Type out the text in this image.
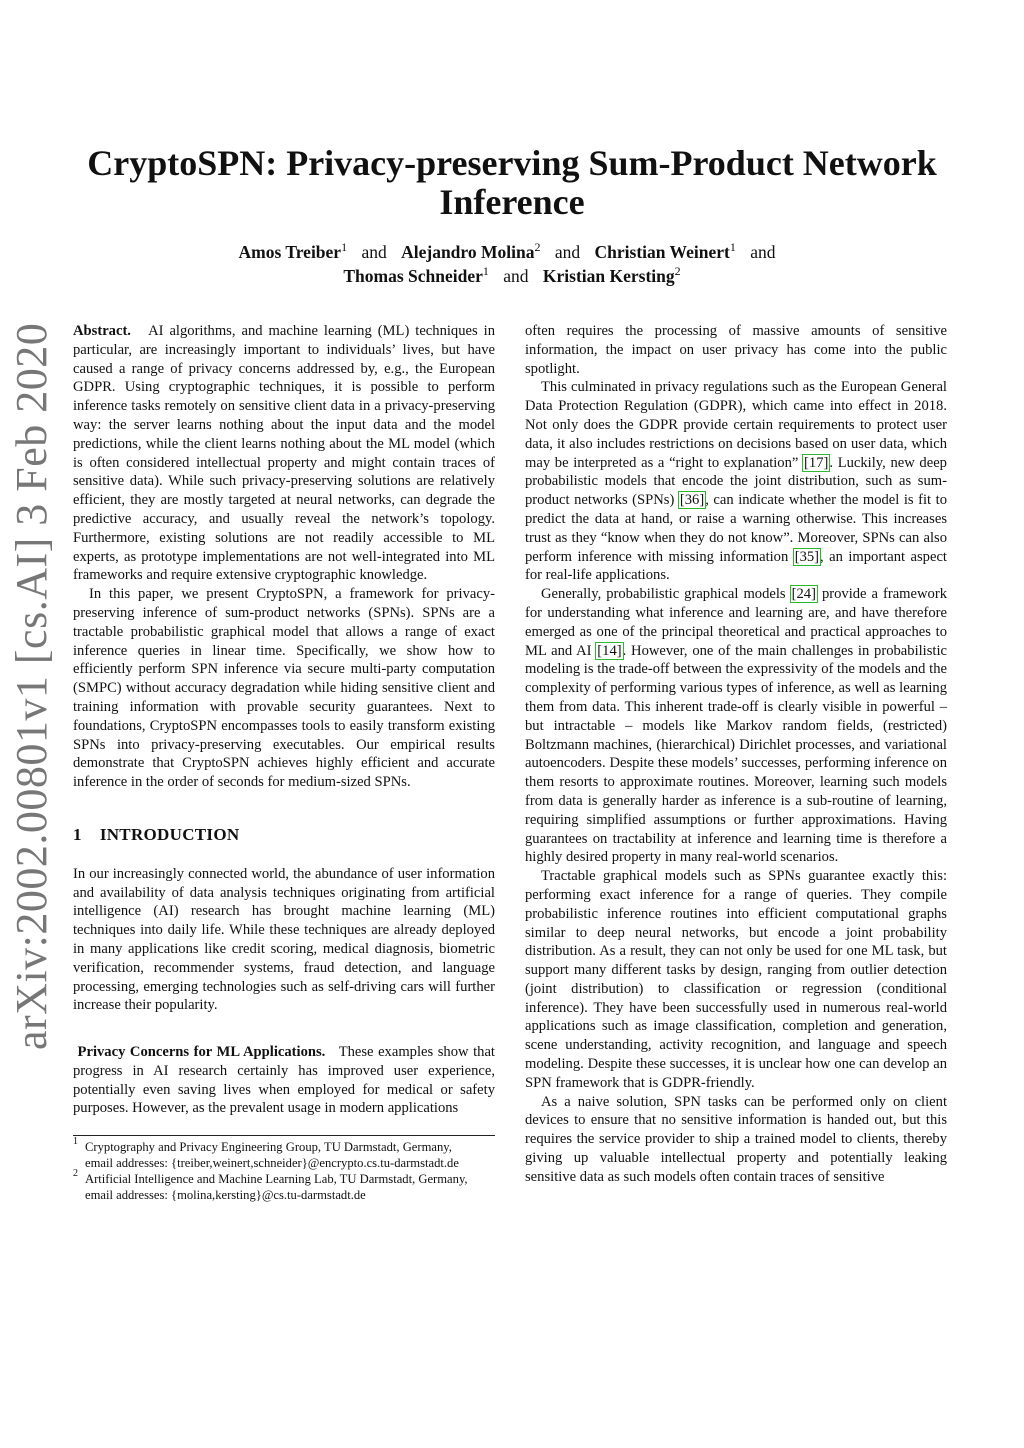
arXiv:2002.00801v1 [cs.AI] 3 Feb 2020
CryptoSPN: Privacy-preserving Sum-Product Network Inference
Amos Treiber$^1$ and Alejandro Molina$^2$ and Christian Weinert$^1$ and
Thomas Schneider$^1$ and Kristian Kersting$^2$

Abstract. AI algorithms, and machine learning (ML) techniques in particular, are increasingly important to individuals’ lives, but have caused a range of privacy concerns addressed by, e.g., the European GDPR. Using cryptographic techniques, it is possible to perform inference tasks remotely on sensitive client data in a privacy-preserving way: the server learns nothing about the input data and the model predictions, while the client learns nothing about the ML model (which is often considered intellectual property and might contain traces of sensitive data). While such privacy-preserving solutions are relatively efficient, they are mostly targeted at neural networks, can degrade the predictive accuracy, and usually reveal the network’s topology. Furthermore, existing solutions are not readily accessible to ML experts, as prototype implementations are not well-integrated into ML frameworks and require extensive cryptographic knowledge.

In this paper, we present CryptoSPN, a framework for privacy-preserving inference of sum-product networks (SPNs). SPNs are a tractable probabilistic graphical model that allows a range of exact inference queries in linear time. Specifically, we show how to efficiently perform SPN inference via secure multi-party computation (SMPC) without accuracy degradation while hiding sensitive client and training information with provable security guarantees. Next to foundations, CryptoSPN encompasses tools to easily transform existing SPNs into privacy-preserving executables. Our empirical results demonstrate that CryptoSPN achieves highly efficient and accurate inference in the order of seconds for medium-sized SPNs.

1 INTRODUCTION

In our increasingly connected world, the abundance of user information and availability of data analysis techniques originating from artificial intelligence (AI) research has brought machine learning (ML) techniques into daily life. While these techniques are already deployed in many applications like credit scoring, medical diagnosis, biometric verification, recommender systems, fraud detection, and language processing, emerging technologies such as self-driving cars will further increase their popularity.

Privacy Concerns for ML Applications. These examples show that progress in AI research certainly has improved user experience, potentially even saving lives when employed for medical or safety purposes. However, as the prevalent usage in modern applications

often requires the processing of massive amounts of sensitive information, the impact on user privacy has come into the public spotlight.

This culminated in privacy regulations such as the European General Data Protection Regulation (GDPR), which came into effect in 2018. Not only does the GDPR provide certain requirements to protect user data, it also includes restrictions on decisions based on user data, which may be interpreted as a “right to explanation” [17]. Luckily, new deep probabilistic models that encode the joint distribution, such as sum-product networks (SPNs) [36], can indicate whether the model is fit to predict the data at hand, or raise a warning otherwise. This increases trust as they “know when they do not know”. Moreover, SPNs can also perform inference with missing information [35], an important aspect for real-life applications.

Generally, probabilistic graphical models [24] provide a framework for understanding what inference and learning are, and have therefore emerged as one of the principal theoretical and practical approaches to ML and AI [14]. However, one of the main challenges in probabilistic modeling is the trade-off between the expressivity of the models and the complexity of performing various types of inference, as well as learning them from data. This inherent trade-off is clearly visible in powerful – but intractable – models like Markov random fields, (restricted) Boltzmann machines, (hierarchical) Dirichlet processes, and variational autoencoders. Despite these models’ successes, performing inference on them resorts to approximate routines. Moreover, learning such models from data is generally harder as inference is a sub-routine of learning, requiring simplified assumptions or further approximations. Having guarantees on tractability at inference and learning time is therefore a highly desired property in many real-world scenarios.

Tractable graphical models such as SPNs guarantee exactly this: performing exact inference for a range of queries. They compile probabilistic inference routines into efficient computational graphs similar to deep neural networks, but encode a joint probability distribution. As a result, they can not only be used for one ML task, but support many different tasks by design, ranging from outlier detection (joint distribution) to classification or regression (conditional inference). They have been successfully used in numerous real-world applications such as image classification, completion and generation, scene understanding, activity recognition, and language and speech modeling. Despite these successes, it is unclear how one can develop an SPN framework that is GDPR-friendly.

As a naive solution, SPN tasks can be performed only on client devices to ensure that no sensitive information is handed out, but this requires the service provider to ship a trained model to clients, thereby giving up valuable intellectual property and potentially leaking sensitive data as such models often contain traces of sensitive

1 Cryptography and Privacy Engineering Group, TU Darmstadt, Germany,
email addresses: {treiber,weinert,schneider}@encrypto.cs.tu-darmstadt.de
2 Artificial Intelligence and Machine Learning Lab, TU Darmstadt, Germany,
email addresses: {molina,kersting}@cs.tu-darmstadt.de
